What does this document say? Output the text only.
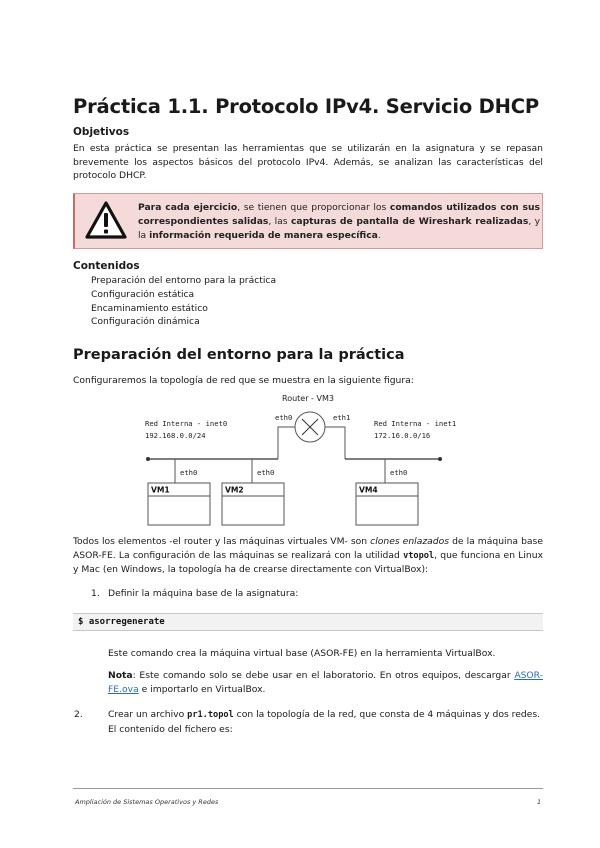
Práctica 1.1. Protocolo IPv4. Servicio DHCP
Objetivos

En esta práctica se presentan las herramientas que se utilizarán en la asignatura y se repasan brevemente los aspectos básicos del protocolo IPv4. Además, se analizan las características del protocolo DHCP.

Para cada ejercicio, se tienen que proporcionar los comandos utilizados con sus correspondientes salidas, las capturas de pantalla de Wireshark realizadas, y la información requerida de manera específica.
Contenidos
Preparación del entorno para la práctica
Configuración estática
Encaminamiento estático
Configuración dinámica
Preparación del entorno para la práctica

Configuraremos la topología de red que se muestra en la siguiente figura:

Router - VM3
eth0	eth1
Red Interna - inet0
192.168.0.0/24
Red Interna - inet1
172.16.0.0/16
eth0	eth0	eth0
VM1	VM2	VM4

Todos los elementos -el router y las máquinas virtuales VM- son clones enlazados de la máquina base ASOR-FE. La configuración de las máquinas se realizará con la utilidad vtopol, que funciona en Linux y Mac (en Windows, la topología ha de crearse directamente con VirtualBox):

1. Definir la máquina base de la asignatura:
$ asorregenerate

Este comando crea la máquina virtual base (ASOR-FE) en la herramienta VirtualBox.

Nota: Este comando solo se debe usar en el laboratorio. En otros equipos, descargar ASOR-FE.ova e importarlo en VirtualBox.

2.	Crear un archivo pr1.topol con la topología de la red, que consta de 4 máquinas y dos redes. El contenido del fichero es:

Ampliación de Sistemas Operativos y Redes	1
